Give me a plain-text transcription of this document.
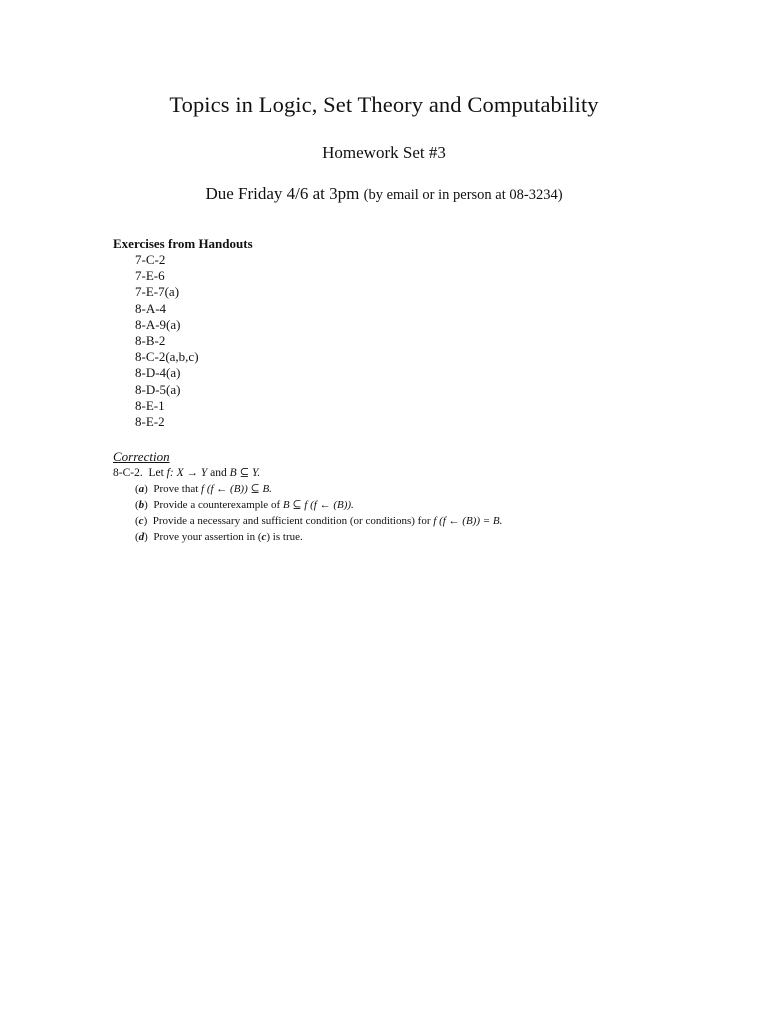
Topics in Logic, Set Theory and Computability
Homework Set #3
Due Friday 4/6 at 3pm (by email or in person at 08-3234)
Exercises from Handouts
7-C-2
7-E-6
7-E-7(a)
8-A-4
8-A-9(a)
8-B-2
8-C-2(a,b,c)
8-D-4(a)
8-D-5(a)
8-E-1
8-E-2
Correction
8-C-2. Let f: X → Y and B ⊆ Y.
(a)  Prove that f (f ← (B)) ⊆ B.
(b)  Provide a counterexample of B ⊆ f (f ← (B)).
(c)  Provide a necessary and sufficient condition (or conditions) for f (f ← (B)) = B.
(d)  Prove your assertion in (c) is true.
